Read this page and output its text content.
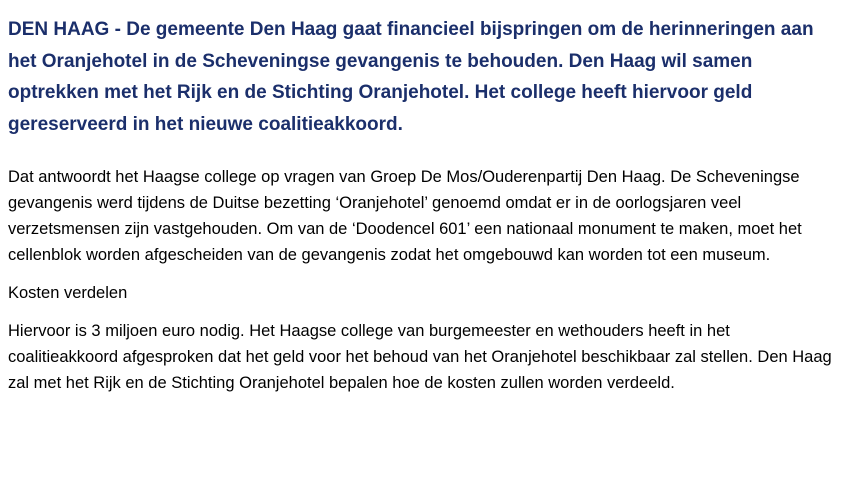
DEN HAAG - De gemeente Den Haag gaat financieel bijspringen om de herinneringen aan het Oranjehotel in de Scheveningse gevangenis te behouden. Den Haag wil samen optrekken met het Rijk en de Stichting Oranjehotel. Het college heeft hiervoor geld gereserveerd in het nieuwe coalitieakkoord.

Dat antwoordt het Haagse college op vragen van Groep De Mos/Ouderenpartij Den Haag. De Scheveningse gevangenis werd tijdens de Duitse bezetting ‘Oranjehotel’ genoemd omdat er in de oorlogsjaren veel verzetsmensen zijn vastgehouden. Om van de ‘Doodencel 601’ een nationaal monument te maken, moet het cellenblok worden afgescheiden van de gevangenis zodat het omgebouwd kan worden tot een museum.

Kosten verdelen

Hiervoor is 3 miljoen euro nodig. Het Haagse college van burgemeester en wethouders heeft in het coalitieakkoord afgesproken dat het geld voor het behoud van het Oranjehotel beschikbaar zal stellen. Den Haag zal met het Rijk en de Stichting Oranjehotel bepalen hoe de kosten zullen worden verdeeld.
